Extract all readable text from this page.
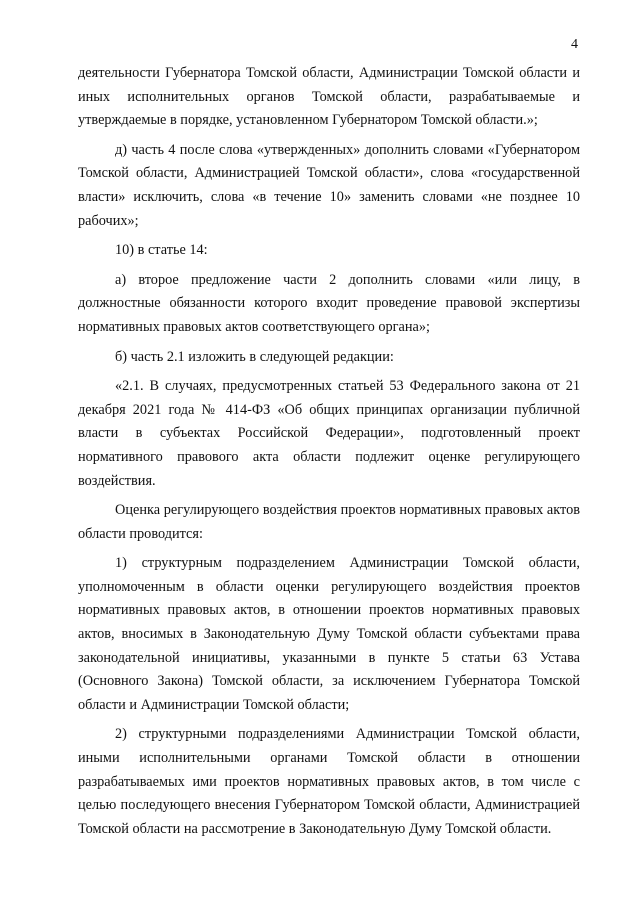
4

деятельности Губернатора Томской области, Администрации Томской области и иных исполнительных органов Томской области, разрабатываемые и утверждаемые в порядке, установленном Губернатором Томской области.»;

д) часть 4 после слова «утвержденных» дополнить словами «Губернатором Томской области, Администрацией Томской области», слова «государственной власти» исключить, слова «в течение 10» заменить словами «не позднее 10 рабочих»;

10) в статье 14:

а) второе предложение части 2 дополнить словами «или лицу, в должностные обязанности которого входит проведение правовой экспертизы нормативных правовых актов соответствующего органа»;

б) часть 2.1 изложить в следующей редакции:

«2.1. В случаях, предусмотренных статьей 53 Федерального закона от 21 декабря 2021 года № 414-ФЗ «Об общих принципах организации публичной власти в субъектах Российской Федерации», подготовленный проект нормативного правового акта области подлежит оценке регулирующего воздействия.

Оценка регулирующего воздействия проектов нормативных правовых актов области проводится:

1) структурным подразделением Администрации Томской области, уполномоченным в области оценки регулирующего воздействия проектов нормативных правовых актов, в отношении проектов нормативных правовых актов, вносимых в Законодательную Думу Томской области субъектами права законодательной инициативы, указанными в пункте 5 статьи 63 Устава (Основного Закона) Томской области, за исключением Губернатора Томской области и Администрации Томской области;

2) структурными подразделениями Администрации Томской области, иными исполнительными органами Томской области в отношении разрабатываемых ими проектов нормативных правовых актов, в том числе с целью последующего внесения Губернатором Томской области, Администрацией Томской области на рассмотрение в Законодательную Думу Томской области.
